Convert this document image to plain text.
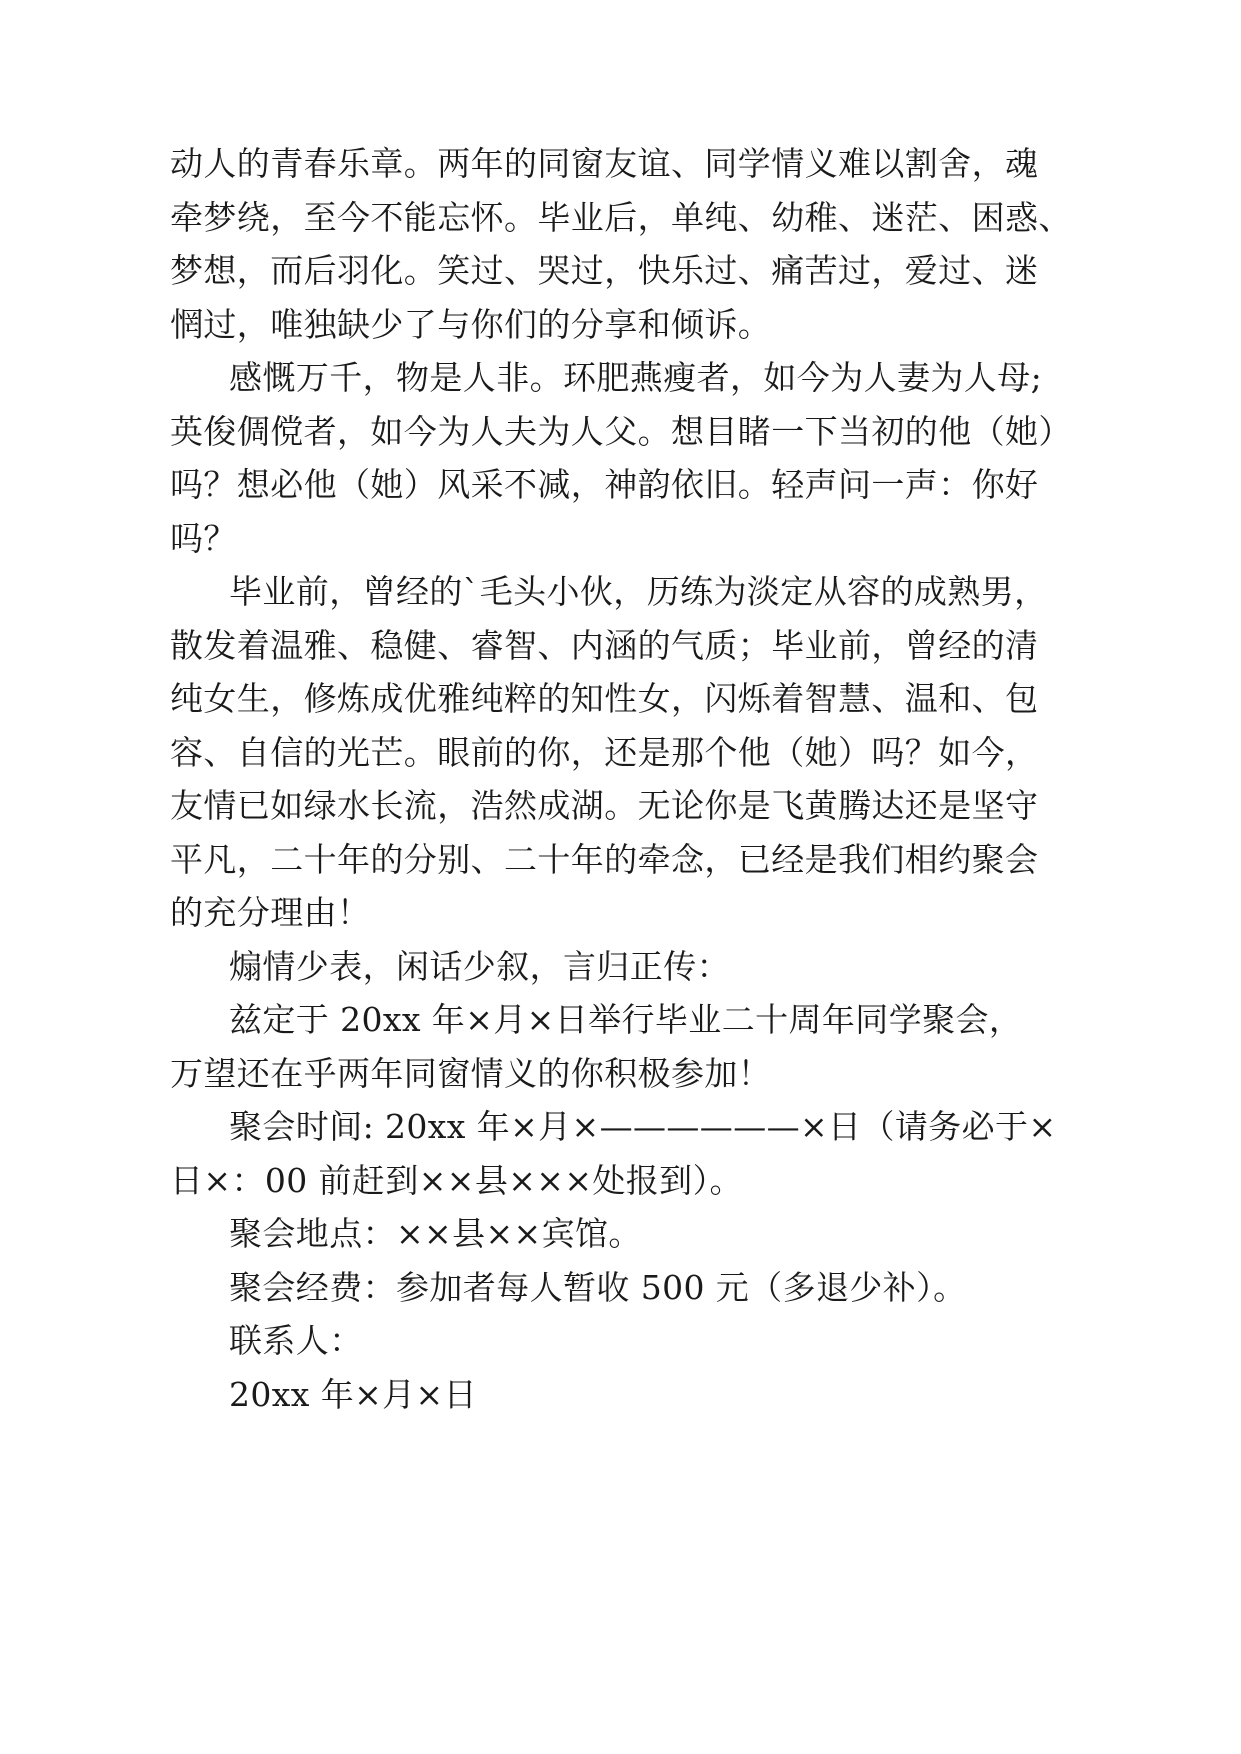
动人的青春乐章。两年的同窗友谊、同学情义难以割舍，魂
牵梦绕，至今不能忘怀。毕业后，单纯、幼稚、迷茫、困惑、
梦想，而后羽化。笑过、哭过，快乐过、痛苦过，爱过、迷
惘过，唯独缺少了与你们的分享和倾诉。
感慨万千，物是人非。环肥燕瘦者，如今为人妻为人母;
英俊倜傥者，如今为人夫为人父。想目睹一下当初的他（她）
吗？想必他（她）风采不减，神韵依旧。轻声问一声：你好
吗？
毕业前，曾经的`毛头小伙，历练为淡定从容的成熟男，
散发着温雅、稳健、睿智、内涵的气质；毕业前，曾经的清
纯女生，修炼成优雅纯粹的知性女，闪烁着智慧、温和、包
容、自信的光芒。眼前的你，还是那个他（她）吗？如今，
友情已如绿水长流，浩然成湖。无论你是飞黄腾达还是坚守
平凡，二十年的分别、二十年的牵念，已经是我们相约聚会
的充分理由！
煽情少表，闲话少叙，言归正传：
兹定于 20xx 年×月×日举行毕业二十周年同学聚会，
万望还在乎两年同窗情义的你积极参加！
聚会时间: 20xx 年×月×——————×日（请务必于×
日×：00 前赶到××县×××处报到）。
聚会地点：××县××宾馆。
聚会经费：参加者每人暂收 500 元（多退少补）。
联系人：
20xx 年×月×日
